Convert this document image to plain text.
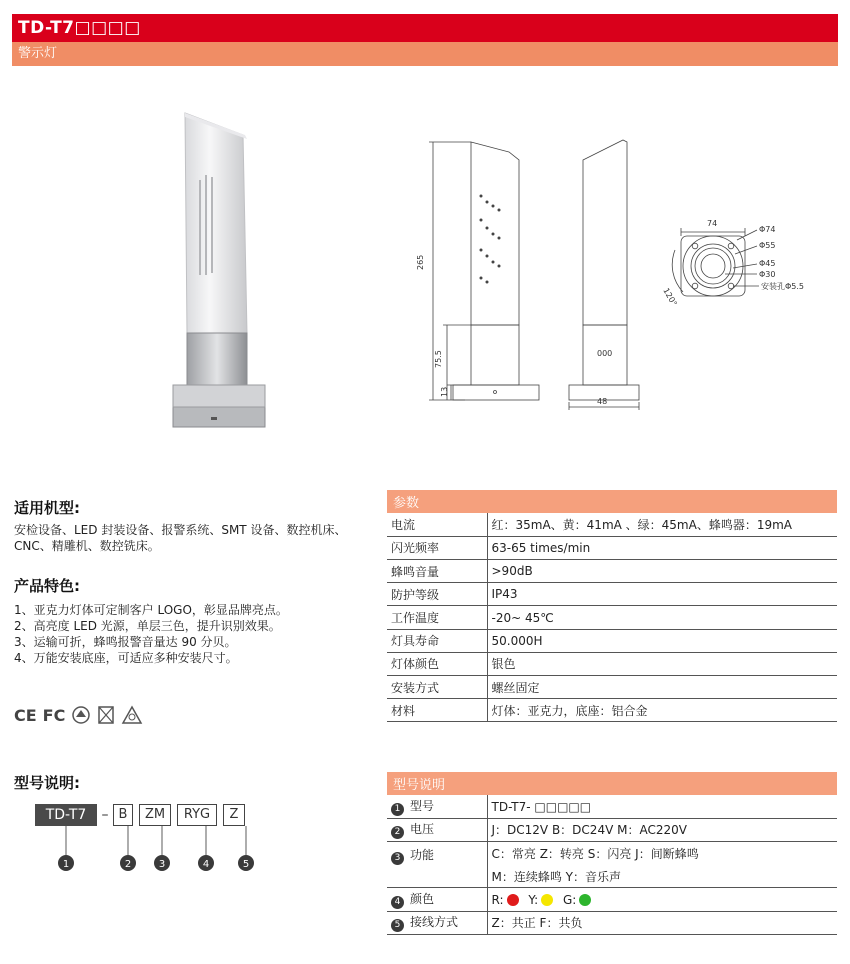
TD-T7□□□□
警示灯
265
75.5
13
000
48
74
Φ74
Φ55
Φ45
Φ30
安装孔Φ5.5
120°
适用机型:
安检设备、LED 封装设备、报警系统、SMT 设备、数控机床、
CNC、精雕机、数控铣床。
产品特色:
1、亚克力灯体可定制客户 LOGO，彰显品牌亮点。
2、高亮度 LED 光源，单层三色，提升识别效果。
3、运输可折，蜂鸣报警音量达 90 分贝。
4、万能安装底座，可适应多种安装尺寸。
CE FC
参数	
电流	红：35mA、黄：41mA 、绿：45mA、蜂鸣器：19mA
闪光频率	63-65 times/min
蜂鸣音量	>90dB
防护等级	IP43
工作温度	-20~ 45℃
灯具寿命	50.000H
灯体颜色	银色
安装方式	螺丝固定
材料	灯体：亚克力，底座：铝合金
型号说明:
TD-T7	– B	ZM	RYG	Z
1	2	3	4	5
型号说明	
1 型号	TD-T7- □□□□□
2 电压	J：DC12V B：DC24V M：AC220V
3 功能	C：常亮 Z：转亮 S：闪亮 J：间断蜂鸣
	M：连续蜂鸣 Y：音乐声
4 颜色	R: Y: G:
5 接线方式	Z：共正 F：共负
